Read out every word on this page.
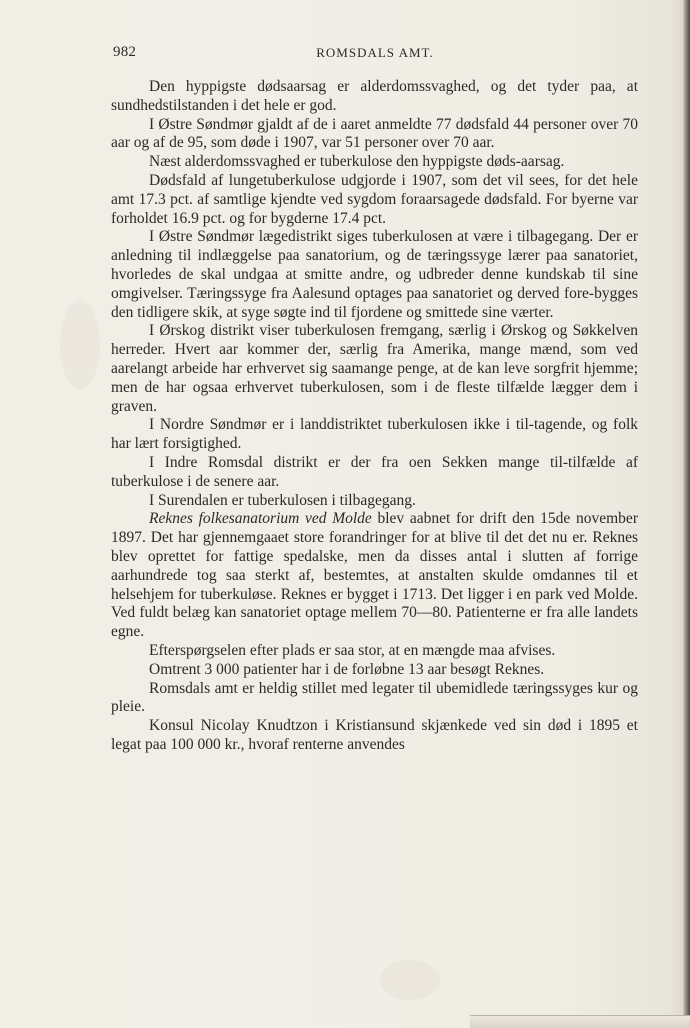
982	ROMSDALS AMT.

Den hyppigste dødsaarsag er alderdomssvaghed, og det tyder paa, at sundhedstilstanden i det hele er god.

I Østre Søndmør gjaldt af de i aaret anmeldte 77 dødsfald 44 personer over 70 aar og af de 95, som døde i 1907, var 51 personer over 70 aar.

Næst alderdomssvaghed er tuberkulose den hyppigste døds-aarsag.

Dødsfald af lungetuberkulose udgjorde i 1907, som det vil sees, for det hele amt 17.3 pct. af samtlige kjendte ved sygdom foraarsagede dødsfald. For byerne var forholdet 16.9 pct. og for bygderne 17.4 pct.

I Østre Søndmør lægedistrikt siges tuberkulosen at være i tilbagegang. Der er anledning til indlæggelse paa sanatorium, og de tæringssyge lærer paa sanatoriet, hvorledes de skal undgaa at smitte andre, og udbreder denne kundskab til sine omgivelser. Tæringssyge fra Aalesund optages paa sanatoriet og derved fore-bygges den tidligere skik, at syge søgte ind til fjordene og smittede sine værter.

I Ørskog distrikt viser tuberkulosen fremgang, særlig i Ørskog og Søkkelven herreder. Hvert aar kommer der, særlig fra Amerika, mange mænd, som ved aarelangt arbeide har erhvervet sig saamange penge, at de kan leve sorgfrit hjemme; men de har ogsaa erhvervet tuberkulosen, som i de fleste tilfælde lægger dem i graven.

I Nordre Søndmør er i landdistriktet tuberkulosen ikke i til-tagende, og folk har lært forsigtighed.

I Indre Romsdal distrikt er der fra oen Sekken mange til-tilfælde af tuberkulose i de senere aar.

I Surendalen er tuberkulosen i tilbagegang.

Reknes folkesanatorium ved Molde blev aabnet for drift den 15de november 1897. Det har gjennemgaaet store forandringer for at blive til det det nu er. Reknes blev oprettet for fattige spedalske, men da disses antal i slutten af forrige aarhundrede tog saa sterkt af, bestemtes, at anstalten skulde omdannes til et helsehjem for tuberkuløse. Reknes er bygget i 1713. Det ligger i en park ved Molde. Ved fuldt belæg kan sanatoriet optage mellem 70—80. Patienterne er fra alle landets egne.

Efterspørgselen efter plads er saa stor, at en mængde maa afvises.

Omtrent 3 000 patienter har i de forløbne 13 aar besøgt Reknes.

Romsdals amt er heldig stillet med legater til ubemidlede tæringssyges kur og pleie.

Konsul Nicolay Knudtzon i Kristiansund skjænkede ved sin død i 1895 et legat paa 100 000 kr., hvoraf renterne anvendes
